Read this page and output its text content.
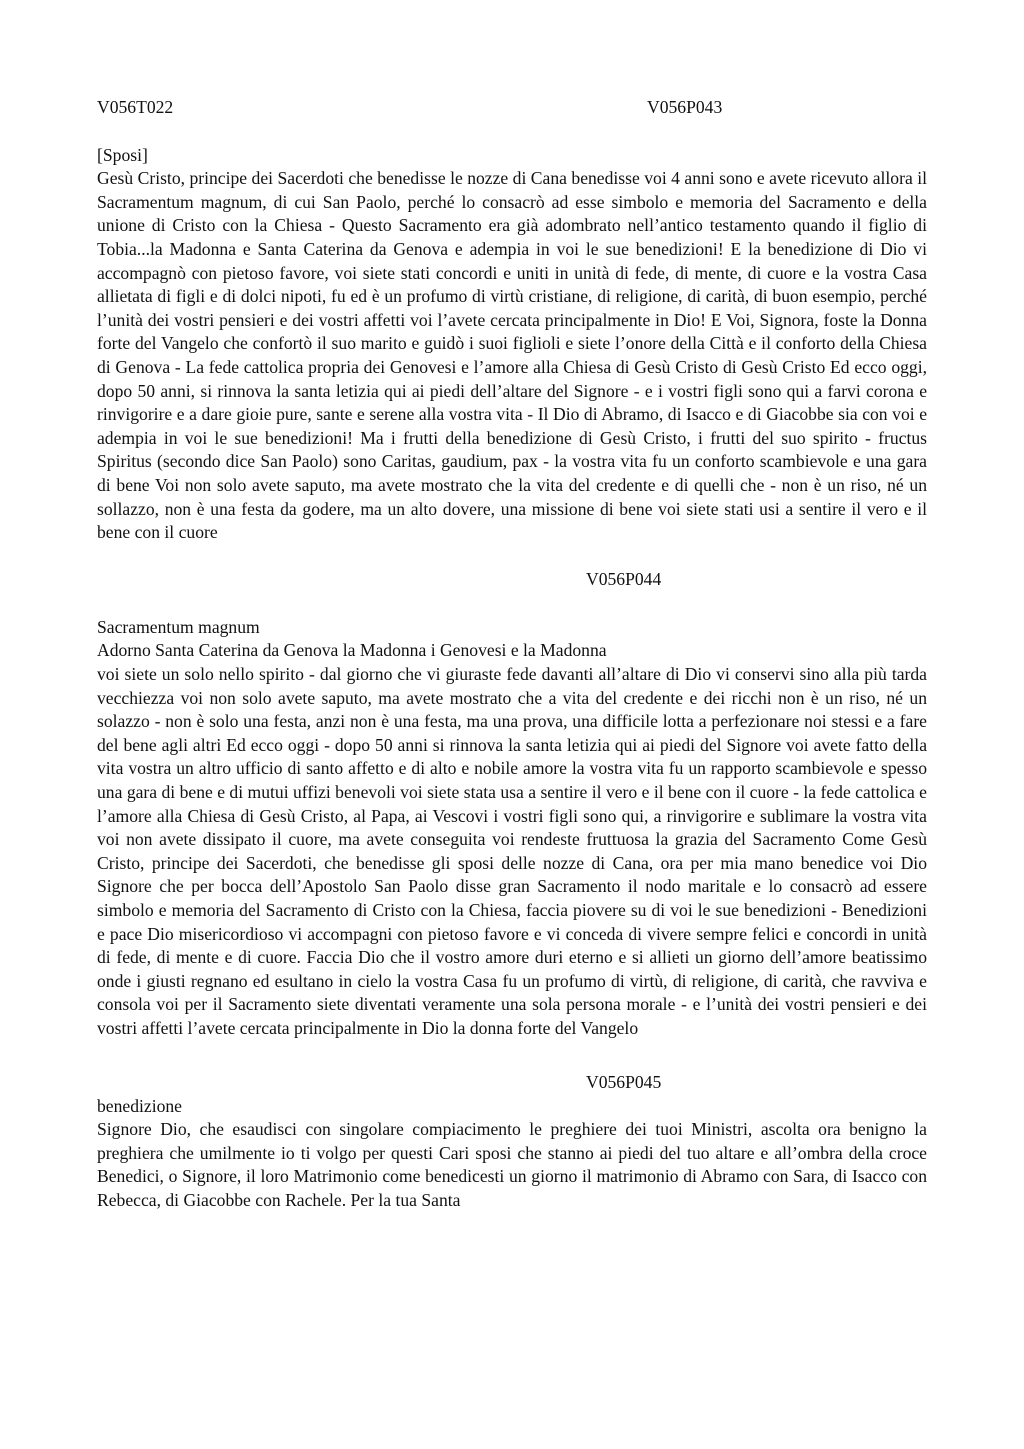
V056T022	V056P043
[Sposi]

Gesù Cristo, principe dei Sacerdoti che benedisse le nozze di Cana benedisse voi 4 anni sono e avete ricevuto allora il Sacramentum magnum, di cui San Paolo, perché lo consacrò ad esse simbolo e memoria del Sacramento e della unione di Cristo con la Chiesa - Questo Sacramento era già adombrato nell’antico testamento quando il figlio di Tobia...la Madonna e Santa Caterina da Genova e adempia in voi le sue benedizioni! E la benedizione di Dio vi accompagnò con pietoso favore, voi siete stati concordi e uniti in unità di fede, di mente, di cuore e la vostra Casa allietata di figli e di dolci nipoti, fu ed è un profumo di virtù cristiane, di religione, di carità, di buon esempio, perché l’unità dei vostri pensieri e dei vostri affetti voi l’avete cercata principalmente in Dio! E Voi, Signora, foste la Donna forte del Vangelo che confortò il suo marito e guidò i suoi figlioli e siete l’onore della Città e il conforto della Chiesa di Genova - La fede cattolica propria dei Genovesi e l’amore alla Chiesa di Gesù Cristo di Gesù Cristo Ed ecco oggi, dopo 50 anni, si rinnova la santa letizia qui ai piedi dell’altare del Signore - e i vostri figli sono qui a farvi corona e rinvigorire e a dare gioie pure, sante e serene alla vostra vita - Il Dio di Abramo, di Isacco e di Giacobbe sia con voi e adempia in voi le sue benedizioni! Ma i frutti della benedizione di Gesù Cristo, i frutti del suo spirito - fructus Spiritus (secondo dice San Paolo) sono Caritas, gaudium, pax - la vostra vita fu un conforto scambievole e una gara di bene Voi non solo avete saputo, ma avete mostrato che la vita del credente e di quelli che - non è un riso, né un sollazzo, non è una festa da godere, ma un alto dovere, una missione di bene voi siete stati usi a sentire il vero e il bene con il cuore

V056P044
Sacramentum magnum
Adorno Santa Caterina da Genova la Madonna i Genovesi e la Madonna

voi siete un solo nello spirito - dal giorno che vi giuraste fede davanti all’altare di Dio vi conservi sino alla più tarda vecchiezza voi non solo avete saputo, ma avete mostrato che a vita del credente e dei ricchi non è un riso, né un solazzo - non è solo una festa, anzi non è una festa, ma una prova, una difficile lotta a perfezionare noi stessi e a fare del bene agli altri Ed ecco oggi - dopo 50 anni si rinnova la santa letizia qui ai piedi del Signore voi avete fatto della vita vostra un altro ufficio di santo affetto e di alto e nobile amore la vostra vita fu un rapporto scambievole e spesso una gara di bene e di mutui uffizi benevoli voi siete stata usa a sentire il vero e il bene con il cuore - la fede cattolica e l’amore alla Chiesa di Gesù Cristo, al Papa, ai Vescovi i vostri figli sono qui, a rinvigorire e sublimare la vostra vita voi non avete dissipato il cuore, ma avete conseguita voi rendeste fruttuosa la grazia del Sacramento Come Gesù Cristo, principe dei Sacerdoti, che benedisse gli sposi delle nozze di Cana, ora per mia mano benedice voi Dio Signore che per bocca dell’Apostolo San Paolo disse gran Sacramento il nodo maritale e lo consacrò ad essere simbolo e memoria del Sacramento di Cristo con la Chiesa, faccia piovere su di voi le sue benedizioni - Benedizioni e pace Dio misericordioso vi accompagni con pietoso favore e vi conceda di vivere sempre felici e concordi in unità di fede, di mente e di cuore. Faccia Dio che il vostro amore duri eterno e si allieti un giorno dell’amore beatissimo onde i giusti regnano ed esultano in cielo la vostra Casa fu un profumo di virtù, di religione, di carità, che ravviva e consola voi per il Sacramento siete diventati veramente una sola persona morale - e l’unità dei vostri pensieri e dei vostri affetti l’avete cercata principalmente in Dio la donna forte del Vangelo

V056P045
benedizione

Signore Dio, che esaudisci con singolare compiacimento le preghiere dei tuoi Ministri, ascolta ora benigno la preghiera che umilmente io ti volgo per questi Cari sposi che stanno ai piedi del tuo altare e all’ombra della croce Benedici, o Signore, il loro Matrimonio come benedicesti un giorno il matrimonio di Abramo con Sara, di Isacco con Rebecca, di Giacobbe con Rachele. Per la tua Santa
